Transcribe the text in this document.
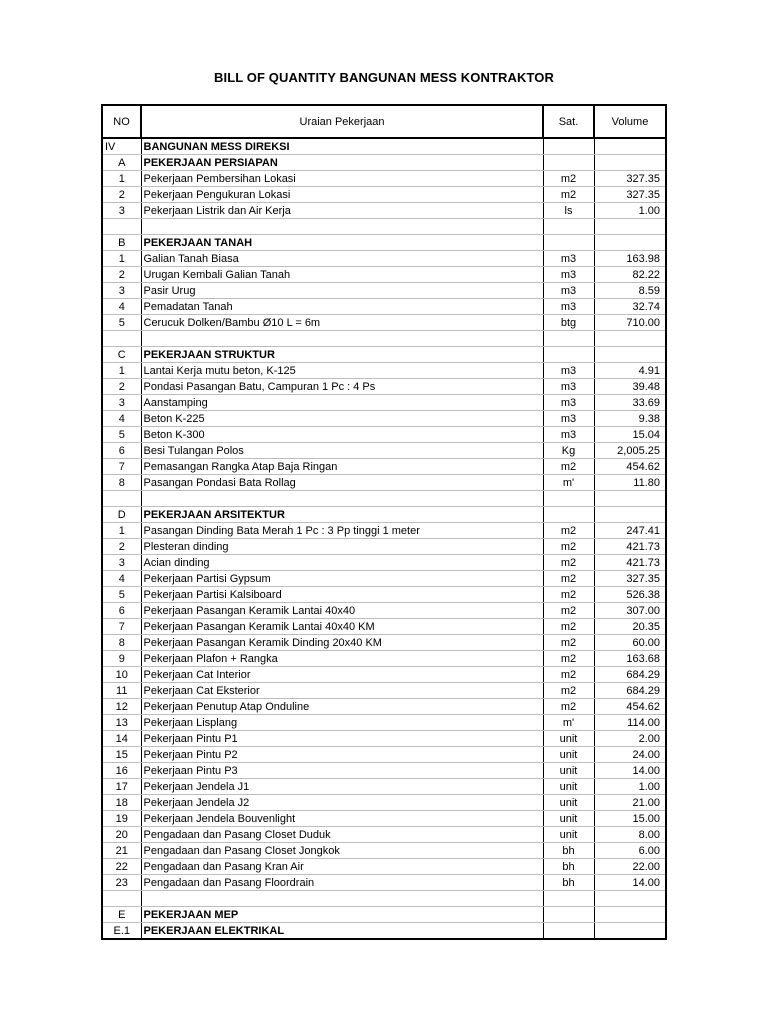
BILL OF QUANTITY BANGUNAN MESS KONTRAKTOR
NO	Uraian Pekerjaan	Sat.	Volume
IV	BANGUNAN MESS DIREKSI		
A	PEKERJAAN PERSIAPAN		
1	Pekerjaan Pembersihan Lokasi	m2	327.35
2	Pekerjaan Pengukuran Lokasi	m2	327.35
3	Pekerjaan Listrik dan Air Kerja	ls	1.00

B	PEKERJAAN TANAH		
1	Galian Tanah Biasa	m3	163.98
2	Urugan Kembali Galian Tanah	m3	82.22
3	Pasir Urug	m3	8.59
4	Pemadatan Tanah	m3	32.74
5	Cerucuk Dolken/Bambu Ø10 L = 6m	btg	710.00

C	PEKERJAAN STRUKTUR		
1	Lantai Kerja mutu beton, K-125	m3	4.91
2	Pondasi Pasangan Batu, Campuran 1 Pc : 4 Ps	m3	39.48
3	Aanstamping	m3	33.69
4	Beton K-225	m3	9.38
5	Beton K-300	m3	15.04
6	Besi Tulangan Polos	Kg	2,005.25
7	Pemasangan Rangka Atap Baja Ringan	m2	454.62
8	Pasangan Pondasi Bata Rollag	m'	11.80

D	PEKERJAAN ARSITEKTUR		
1	Pasangan Dinding Bata Merah 1 Pc : 3 Pp tinggi 1 meter	m2	247.41
2	Plesteran dinding	m2	421.73
3	Acian dinding	m2	421.73
4	Pekerjaan Partisi Gypsum	m2	327.35
5	Pekerjaan Partisi Kalsiboard	m2	526.38
6	Pekerjaan Pasangan Keramik Lantai 40x40	m2	307.00
7	Pekerjaan Pasangan Keramik Lantai 40x40 KM	m2	20.35
8	Pekerjaan Pasangan Keramik Dinding 20x40 KM	m2	60.00
9	Pekerjaan Plafon + Rangka	m2	163.68
10	Pekerjaan Cat Interior	m2	684.29
11	Pekerjaan Cat Eksterior	m2	684.29
12	Pekerjaan Penutup Atap Onduline	m2	454.62
13	Pekerjaan Lisplang	m'	114.00
14	Pekerjaan Pintu P1	unit	2.00
15	Pekerjaan Pintu P2	unit	24.00
16	Pekerjaan Pintu P3	unit	14.00
17	Pekerjaan Jendela J1	unit	1.00
18	Pekerjaan Jendela J2	unit	21.00
19	Pekerjaan Jendela Bouvenlight	unit	15.00
20	Pengadaan dan Pasang Closet Duduk	unit	8.00
21	Pengadaan dan Pasang Closet Jongkok	bh	6.00
22	Pengadaan dan Pasang Kran Air	bh	22.00
23	Pengadaan dan Pasang Floordrain	bh	14.00

E	PEKERJAAN MEP		
E.1	PEKERJAAN ELEKTRIKAL		
